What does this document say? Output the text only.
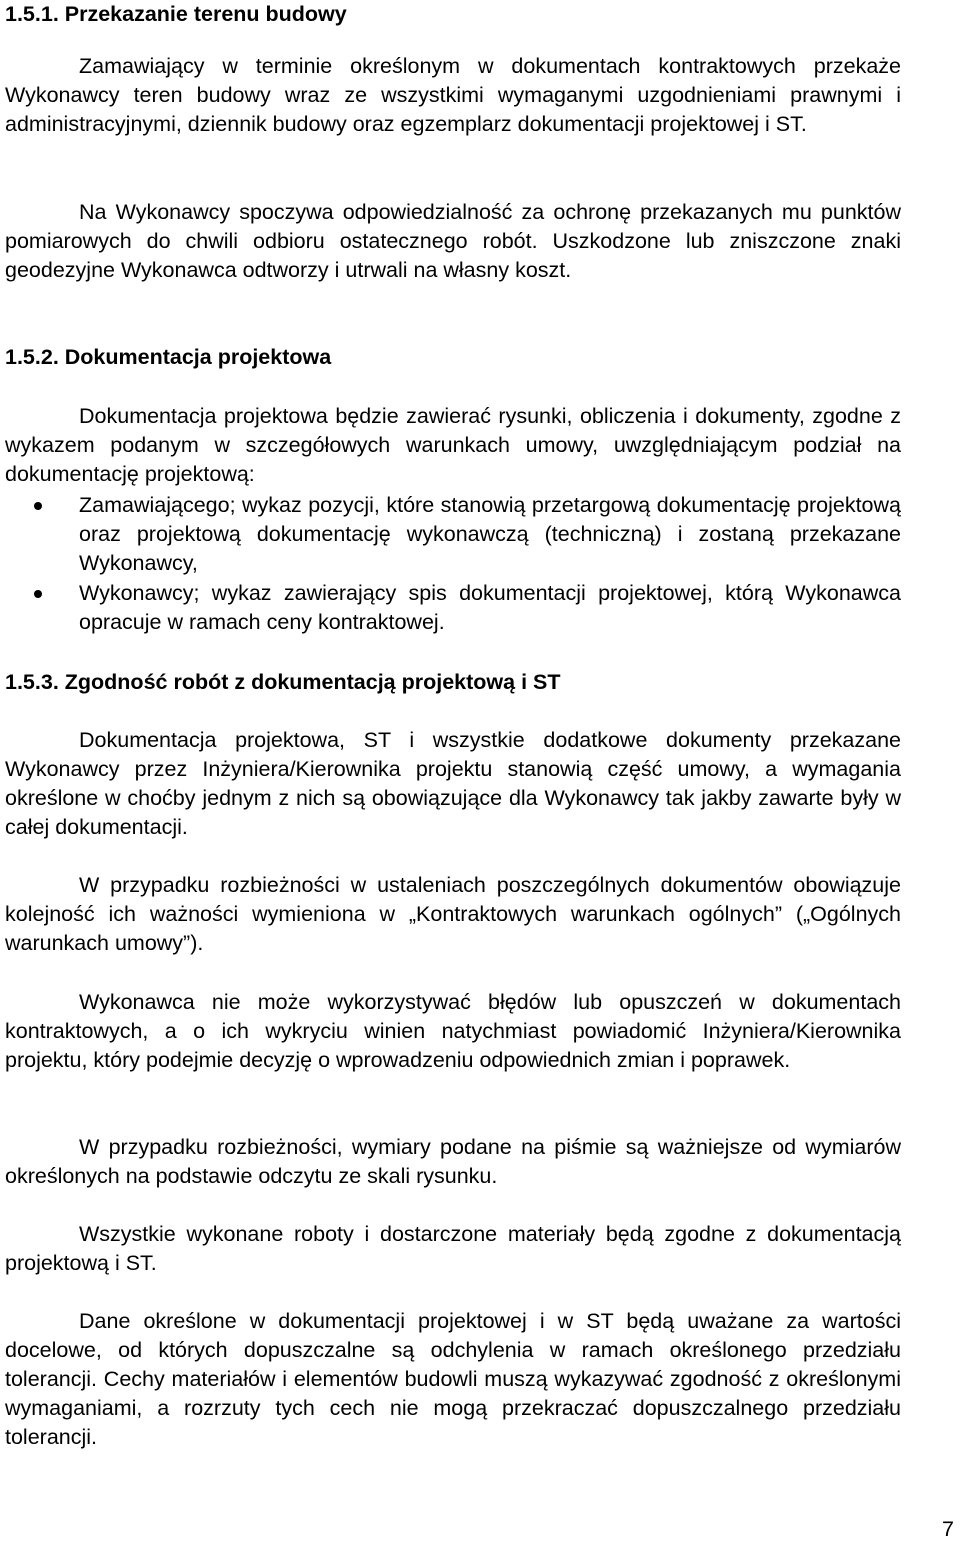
1.5.1. Przekazanie terenu budowy

Zamawiający w terminie określonym w dokumentach kontraktowych przekaże Wykonawcy teren budowy wraz ze wszystkimi wymaganymi uzgodnieniami prawnymi i administracyjnymi, dziennik budowy oraz egzemplarz dokumentacji projektowej i ST.

Na Wykonawcy spoczywa odpowiedzialność za ochronę przekazanych mu punktów pomiarowych do chwili odbioru ostatecznego robót. Uszkodzone lub zniszczone znaki geodezyjne Wykonawca odtworzy i utrwali na własny koszt.

1.5.2. Dokumentacja projektowa

Dokumentacja projektowa będzie zawierać rysunki, obliczenia i dokumenty, zgodne z wykazem podanym w szczegółowych warunkach umowy, uwzględniającym podział na dokumentację projektową:

Zamawiającego; wykaz pozycji, które stanowią przetargową dokumentację projektową oraz projektową dokumentację wykonawczą (techniczną) i zostaną przekazane Wykonawcy,
Wykonawcy; wykaz zawierający spis dokumentacji projektowej, którą Wykonawca opracuje w ramach ceny kontraktowej.
1.5.3. Zgodność robót z dokumentacją projektową i ST

Dokumentacja projektowa, ST i wszystkie dodatkowe dokumenty przekazane Wykonawcy przez Inżyniera/Kierownika projektu stanowią część umowy, a wymagania określone w choćby jednym z nich są obowiązujące dla Wykonawcy tak jakby zawarte były w całej dokumentacji.

W przypadku rozbieżności w ustaleniach poszczególnych dokumentów obowiązuje kolejność ich ważności wymieniona w „Kontraktowych warunkach ogólnych” („Ogólnych warunkach umowy”).

Wykonawca nie może wykorzystywać błędów lub opuszczeń w dokumentach kontraktowych, a o ich wykryciu winien natychmiast powiadomić Inżyniera/Kierownika projektu, który podejmie decyzję o wprowadzeniu odpowiednich zmian i poprawek.

W przypadku rozbieżności, wymiary podane na piśmie są ważniejsze od wymiarów określonych na podstawie odczytu ze skali rysunku.

Wszystkie wykonane roboty i dostarczone materiały będą zgodne z dokumentacją projektową i ST.

Dane określone w dokumentacji projektowej i w ST będą uważane za wartości docelowe, od których dopuszczalne są odchylenia w ramach określonego przedziału tolerancji. Cechy materiałów i elementów budowli muszą wykazywać zgodność z określonymi wymaganiami, a rozrzuty tych cech nie mogą przekraczać dopuszczalnego przedziału tolerancji.

7
